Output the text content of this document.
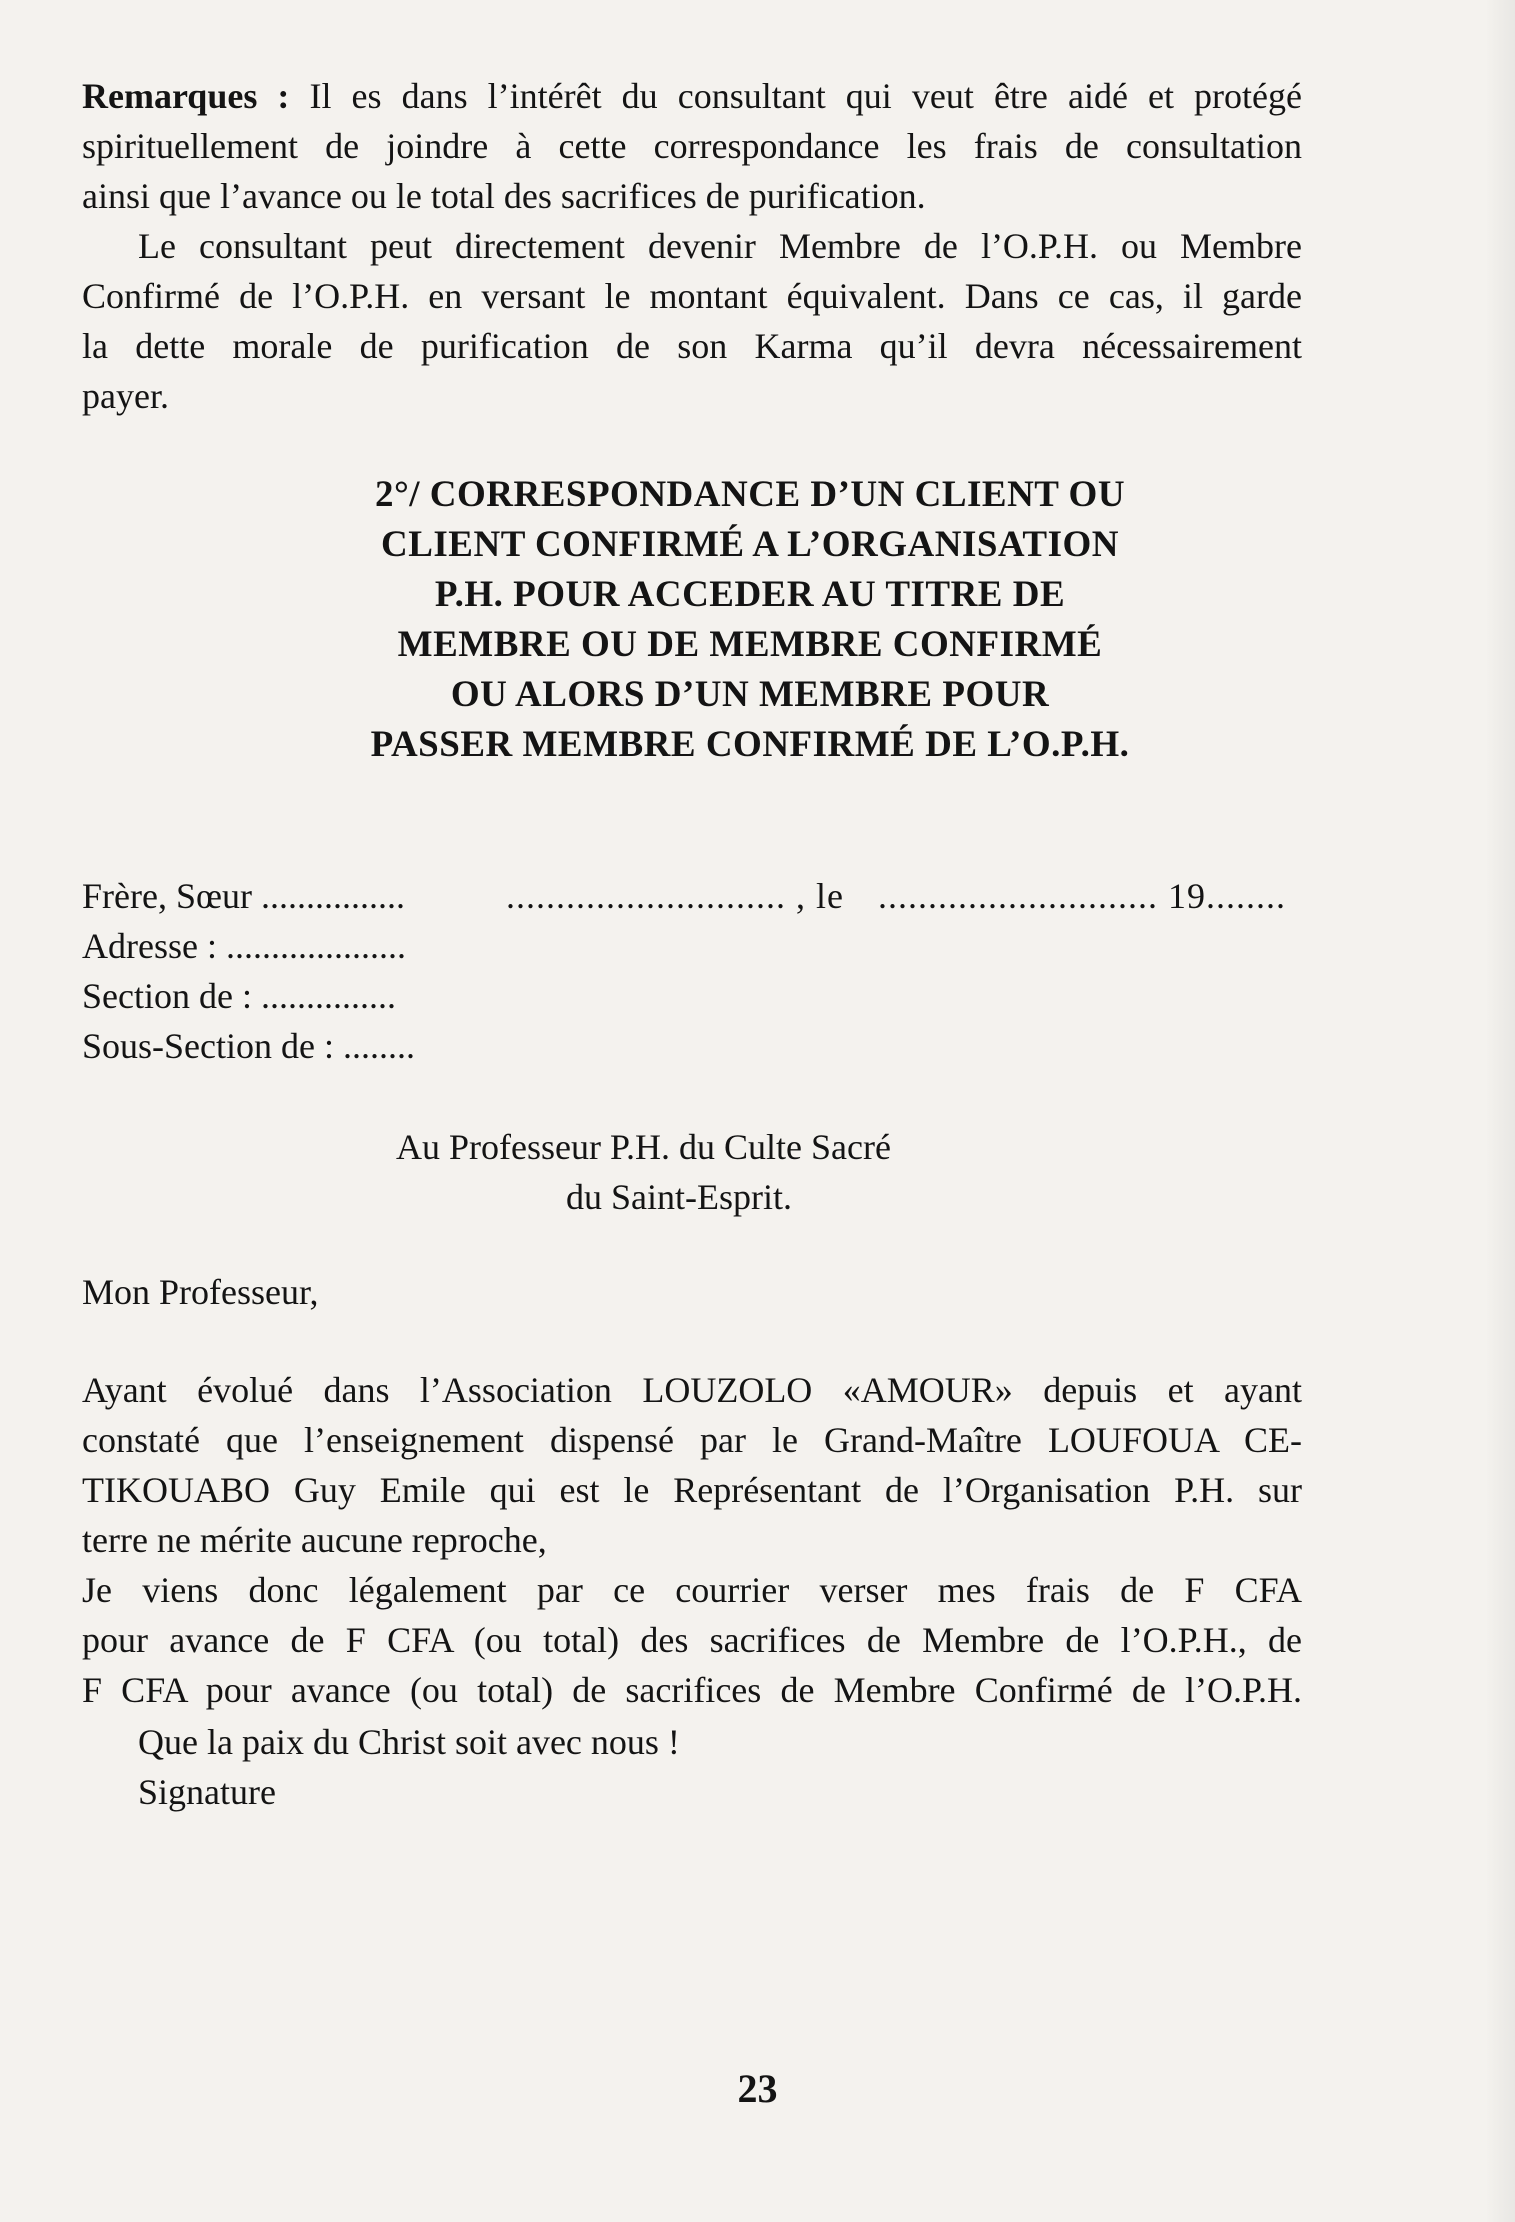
Remarques : Il es dans l’intérêt du consultant qui veut être aidé et protégé
spirituellement de joindre à cette correspondance les frais de consultation
ainsi que l’avance ou le total des sacrifices de purification.
Le consultant peut directement devenir Membre de l’O.P.H. ou Membre
Confirmé de l’O.P.H. en versant le montant équivalent. Dans ce cas, il garde
la dette morale de purification de son Karma qu’il devra nécessairement
payer.
2°/ CORRESPONDANCE D’UN CLIENT OU
CLIENT CONFIRMÉ A L’ORGANISATION
P.H. POUR ACCEDER AU TITRE DE
MEMBRE OU DE MEMBRE CONFIRMÉ
OU ALORS D’UN MEMBRE POUR
PASSER MEMBRE CONFIRMÉ DE L’O.P.H.
Frère, Sœur ................	............................ , le ............................ 19........
Adresse : ....................
Section de : ...............
Sous-Section de : ........
Au Professeur P.H. du Culte Sacré
du Saint-Esprit.
Mon Professeur,
Ayant évolué dans l’Association LOUZOLO «AMOUR» depuis et ayant
constaté que l’enseignement dispensé par le Grand-Maître LOUFOUA CE-
TIKOUABO Guy Emile qui est le Représentant de l’Organisation P.H. sur
terre ne mérite aucune reproche,
Je viens donc légalement par ce courrier verser mes frais de F CFA
pour avance de F CFA (ou total) des sacrifices de Membre de l’O.P.H., de
F CFA pour avance (ou total) de sacrifices de Membre Confirmé de l’O.P.H.
Que la paix du Christ soit avec nous !
Signature
23
